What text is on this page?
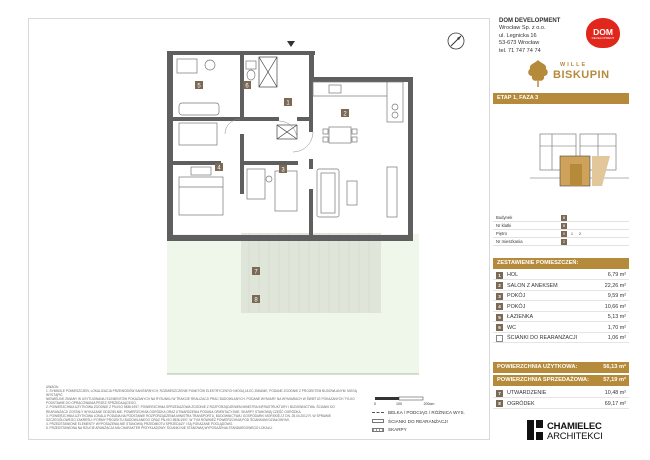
5	6
1
2
3
4
7
8
DOM DEVELOPMENT
Wrocław Sp. z o.o.
ul. Legnicka 16
53-673 Wrocław
tel. 71 747 74 74
DOM
DEVELOPMENT
WILLE
BISKUPIN
ETAP 1, FAZA 3
Budynek	B
Nr klatki	B
Piętro	0	1	2
Nr mieszkania	2
ZESTAWIENIE POMIESZCZEŃ:
1	HOL	6,79 m²
2	SALON Z ANEKSEM	22,26 m²
3	POKÓJ	9,59 m²
4	POKÓJ	10,66 m²
5	ŁAZIENKA	5,13 m²
6	WC	1,70 m²
ŚCIANKI DO REARANŻACJI	1,06 m²
POWIERZCHNIA UŻYTKOWA:	56,13 m²
POWIERZCHNIA SPRZEDAŻOWA: 57,19 m²
7	UTWARDZENIE	10,48 m²
8	OGRÓDEK	69,17 m²
UWAGA:
1. SYMBOLE POMIESZCZEŃ, LOKALIZACJA PRZEWODÓW SANITARNYCH, ROZMIESZCZENIE PUNKTÓW ELEKTRYCZNYCH MOGĄ ULEC ZMIANIE, PODANE ZGODNIE Z PROJEKTEM BUDOWLANYM. MOGĄ WYSTĄPIĆ
NIEWIELKIE ZMIANY W USYTUOWANIU ELEMENTÓW POKAZANYCH NA RYSUNKU W TRAKCIE REALIZACJI PRAC BUDOWLANYCH. PODANE WYMIARY NA WYMIARACH W ŚWIETLE POKAZANYCH TYLKO
PODSTAWIE DO OPRACOWANIA PRZEZ SPRZEDAJĄCEGO.
2. POWIERZCHNIA UŻYTKOWA ZGODNIE Z PN-ISO 9836:1997. POWIERZCHNIA SPRZEDAŻOWA ZGODNIE Z ROZPORZĄDZENIEM MINISTRA INFRASTRUKTURY I BUDOWNICTWA. ŚCIANKI DO
REARANŻACJI ZOSTAŁY WYKAZANE ODDZIELNIE. POWIERZCHNIA OGRÓDKA ORAZ UTWARDZENIA PODANA ORIENTACYJNIE. SKARPY STANOWIĄ CZĘŚĆ OGRÓDKA.
3. POWIERZCHNIA UŻYTKOWA LOKALU PODANA NA PODSTAWIE ROZPORZĄDZENIA MINISTRA TRANSPORTU, BUDOWNICTWA I GOSPODARKI MORSKIEJ Z DN. 25.04.2012 R. W SPRAWIE
SZCZEGÓŁOWEGO ZAKRESU I FORMY PROJEKTU BUDOWLANEGO ORAZ PN-ISO 9836:1997, W TYM RÓWNIEŻ POWIERZCHNIA POD ŚCIANKAMI DZIAŁOWYMI.
4. PRZEDSTAWIONE ELEMENTY WYPOSAŻENIA NIE STANOWIĄ PRZEDMIOTU SPRZEDAŻY I SĄ POKAZANE POGLĄDOWO.
5. PRZEDSTAWIONA NA RZUCIE ARANŻACJA MA CHARAKTER PRZYKŁADOWY. ŚCIANKI NIE STANOWIĄ WYPOSAŻENIA STANDARDOWEGO LOKALU.
0	100	200cm
BELKA / PODCIĄG / RÓŻNICA WYS.
ŚCIANKI DO REARANŻACJI
SKARPY	CHAMIELEC
ARCHITEKCI
